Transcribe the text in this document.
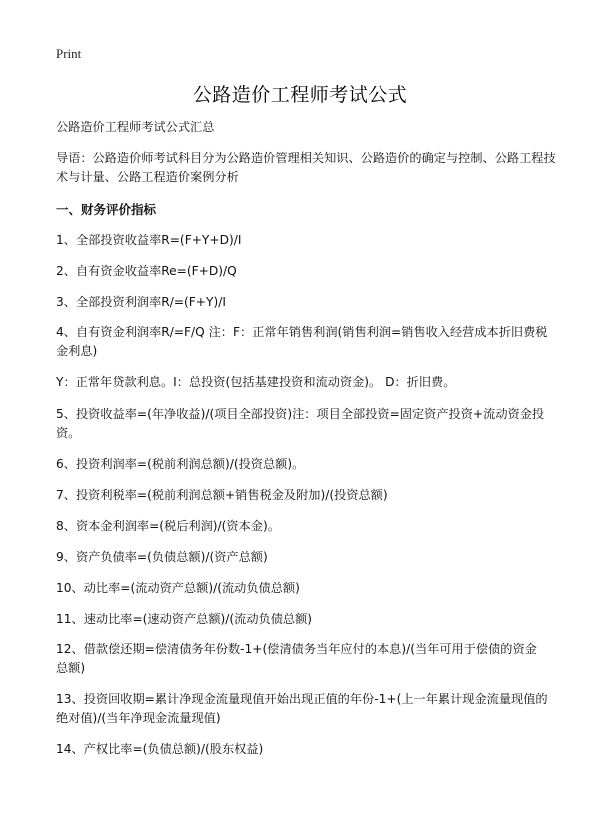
Print
公路造价工程师考试公式

公路造价工程师考试公式汇总

导语：公路造价师考试科目分为公路造价管理相关知识、公路造价的确定与控制、公路工程技术与计量、公路工程造价案例分析

一、财务评价指标

1、全部投资收益率R=(F+Y+D)/I

2、自有资金收益率Re=(F+D)/Q

3、全部投资利润率R/=(F+Y)/I

4、自有资金利润率R/=F/Q 注：F：正常年销售利润(销售利润=销售收入经营成本折旧费税金利息)

Y：正常年贷款利息。I：总投资(包括基建投资和流动资金)。 D：折旧费。

5、投资收益率=(年净收益)/(项目全部投资)注：项目全部投资=固定资产投资+流动资金投资。

6、投资利润率=(税前利润总额)/(投资总额)。

7、投资利税率=(税前利润总额+销售税金及附加)/(投资总额)

8、资本金利润率=(税后利润)/(资本金)。

9、资产负债率=(负债总额)/(资产总额)

10、动比率=(流动资产总额)/(流动负债总额)

11、速动比率=(速动资产总额)/(流动负债总额)

12、借款偿还期=偿清债务年份数-1+(偿清债务当年应付的本息)/(当年可用于偿债的资金总额)

13、投资回收期=累计净现金流量现值开始出现正值的年份-1+(上一年累计现金流量现值的绝对值)/(当年净现金流量现值)

14、产权比率=(负债总额)/(股东权益)
